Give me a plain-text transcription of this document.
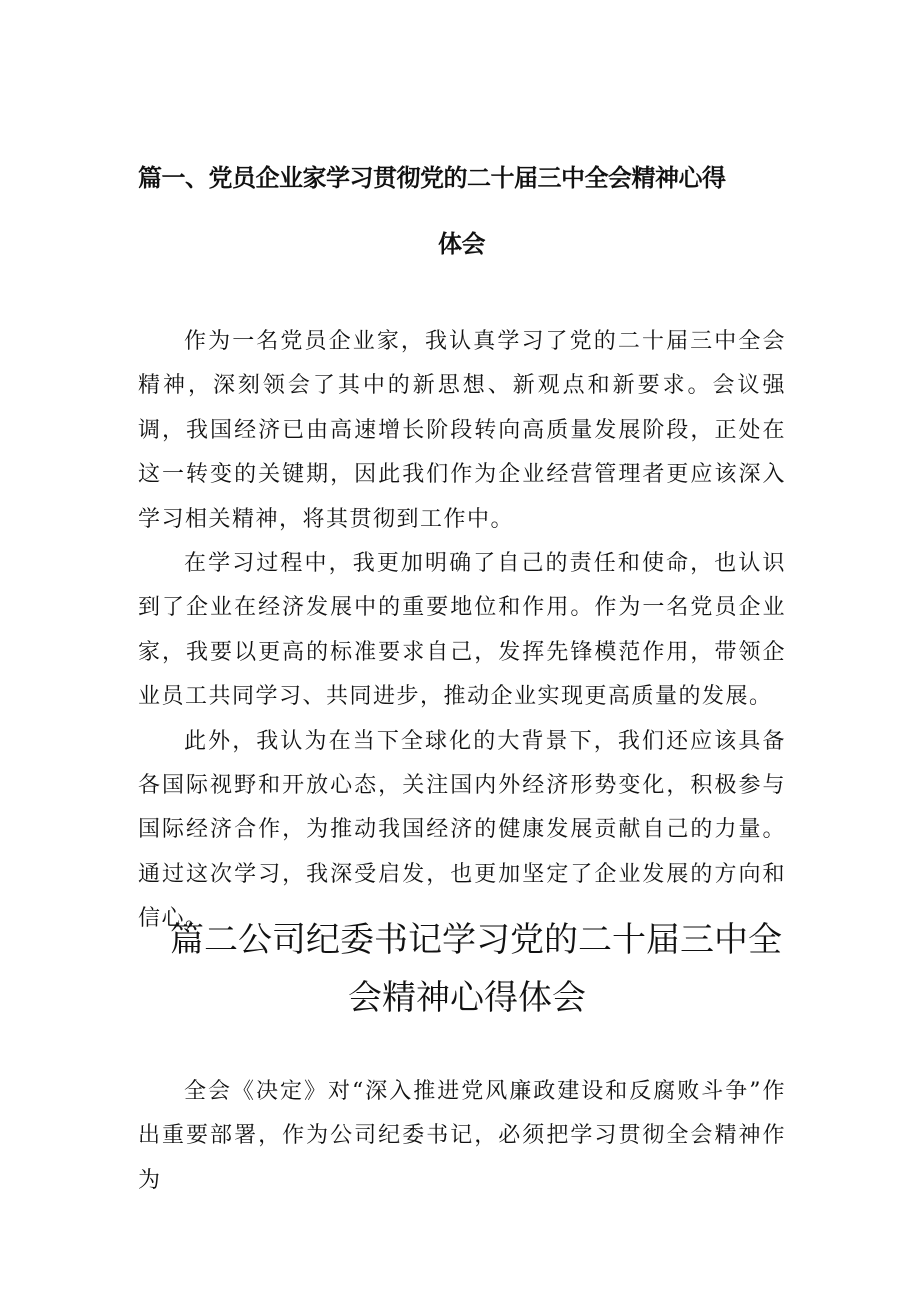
篇一、党员企业家学习贯彻党的二十届三中全会精神心得
体会

作为一名党员企业家，我认真学习了党的二十届三中全会精神，深刻领会了其中的新思想、新观点和新要求。会议强调，我国经济已由高速增长阶段转向高质量发展阶段，正处在这一转变的关键期，因此我们作为企业经营管理者更应该深入学习相关精神，将其贯彻到工作中。

在学习过程中，我更加明确了自己的责任和使命，也认识到了企业在经济发展中的重要地位和作用。作为一名党员企业家，我要以更高的标准要求自己，发挥先锋模范作用，带领企业员工共同学习、共同进步，推动企业实现更高质量的发展。

此外，我认为在当下全球化的大背景下，我们还应该具备各国际视野和开放心态，关注国内外经济形势变化，积极参与国际经济合作，为推动我国经济的健康发展贡献自己的力量。通过这次学习，我深受启发，也更加坚定了企业发展的方向和信心。

篇二公司纪委书记学习党的二十届三中全
会精神心得体会

全会《决定》对“深入推进党风廉政建设和反腐败斗争”作出重要部署，作为公司纪委书记，必须把学习贯彻全会精神作为
